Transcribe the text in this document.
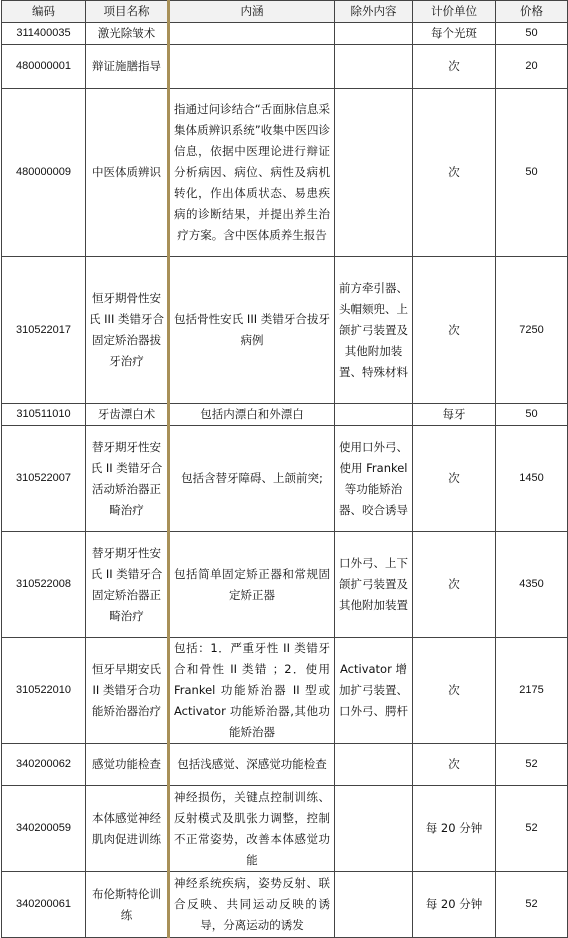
编码	项目名称	内涵	除外内容	计价单位	价格
311400035	激光除皱术			每个光斑	50
480000001	辩证施膳指导			次	20
480000009	中医体质辨识	指通过问诊结合“舌面脉信息采集体质辨识系统”收集中医四诊信息，依据中医理论进行辩证分析病因、病位、病性及病机转化，作出体质状态、易患疾病的诊断结果，并提出养生治疗方案。含中医体质养生报告		次	50
310522017	恒牙期骨性安氏 III 类错牙合固定矫治器拔牙治疗	包括骨性安氏 III 类错牙合拔牙病例	前方牵引器、头帽颏兜、上颌扩弓装置及其他附加装置、特殊材料	次	7250
310511010	牙齿漂白术	包括内漂白和外漂白		每牙	50
310522007	替牙期牙性安氏 II 类错牙合活动矫治器正畸治疗	包括含替牙障碍、上颌前突;	使用口外弓、使用 Frankel 等功能矫治器、咬合诱导	次	1450
310522008	替牙期牙性安氏 II 类错牙合固定矫治器正畸治疗	包括简单固定矫正器和常规固定矫正器	口外弓、上下颌扩弓装置及其他附加装置	次	4350
310522010	恒牙早期安氏 II 类错牙合功能矫治器治疗	包括：1．严重牙性 II 类错牙合和骨性 II 类错 ；2．使用 Frankel 功能矫治器 II 型或 Activator 功能矫治器,其他功能矫治器	Activator 增加扩弓装置、口外弓、腭杆	次	2175
340200062	感觉功能检查	包括浅感觉、深感觉功能检查		次	52
340200059	本体感觉神经肌肉促进训练	神经损伤，关键点控制训练、反射模式及肌张力调整，控制不正常姿势，改善本体感觉功能		每 20 分钟	52
340200061	布伦斯特伦训练	神经系统疾病，姿势反射、联合反映、共同运动反映的诱导，分离运动的诱发		每 20 分钟	52
